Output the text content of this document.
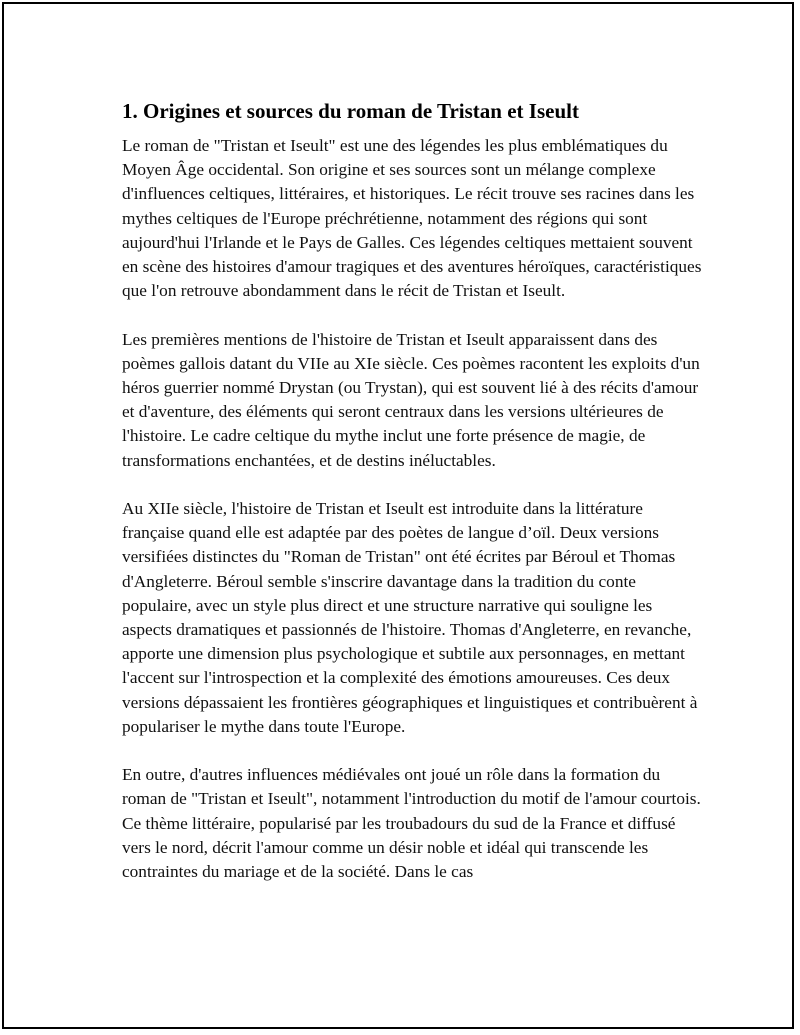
1. Origines et sources du roman de Tristan et Iseult

Le roman de "Tristan et Iseult" est une des légendes les plus emblématiques du Moyen Âge occidental. Son origine et ses sources sont un mélange complexe d'influences celtiques, littéraires, et historiques. Le récit trouve ses racines dans les mythes celtiques de l'Europe préchrétienne, notamment des régions qui sont aujourd'hui l'Irlande et le Pays de Galles. Ces légendes celtiques mettaient souvent en scène des histoires d'amour tragiques et des aventures héroïques, caractéristiques que l'on retrouve abondamment dans le récit de Tristan et Iseult.

Les premières mentions de l'histoire de Tristan et Iseult apparaissent dans des poèmes gallois datant du VIIe au XIe siècle. Ces poèmes racontent les exploits d'un héros guerrier nommé Drystan (ou Trystan), qui est souvent lié à des récits d'amour et d'aventure, des éléments qui seront centraux dans les versions ultérieures de l'histoire. Le cadre celtique du mythe inclut une forte présence de magie, de transformations enchantées, et de destins inéluctables.

Au XIIe siècle, l'histoire de Tristan et Iseult est introduite dans la littérature française quand elle est adaptée par des poètes de langue d’oïl. Deux versions versifiées distinctes du "Roman de Tristan" ont été écrites par Béroul et Thomas d'Angleterre. Béroul semble s'inscrire davantage dans la tradition du conte populaire, avec un style plus direct et une structure narrative qui souligne les aspects dramatiques et passionnés de l'histoire. Thomas d'Angleterre, en revanche, apporte une dimension plus psychologique et subtile aux personnages, en mettant l'accent sur l'introspection et la complexité des émotions amoureuses. Ces deux versions dépassaient les frontières géographiques et linguistiques et contribuèrent à populariser le mythe dans toute l'Europe.

En outre, d'autres influences médiévales ont joué un rôle dans la formation du roman de "Tristan et Iseult", notamment l'introduction du motif de l'amour courtois. Ce thème littéraire, popularisé par les troubadours du sud de la France et diffusé vers le nord, décrit l'amour comme un désir noble et idéal qui transcende les contraintes du mariage et de la société. Dans le cas
